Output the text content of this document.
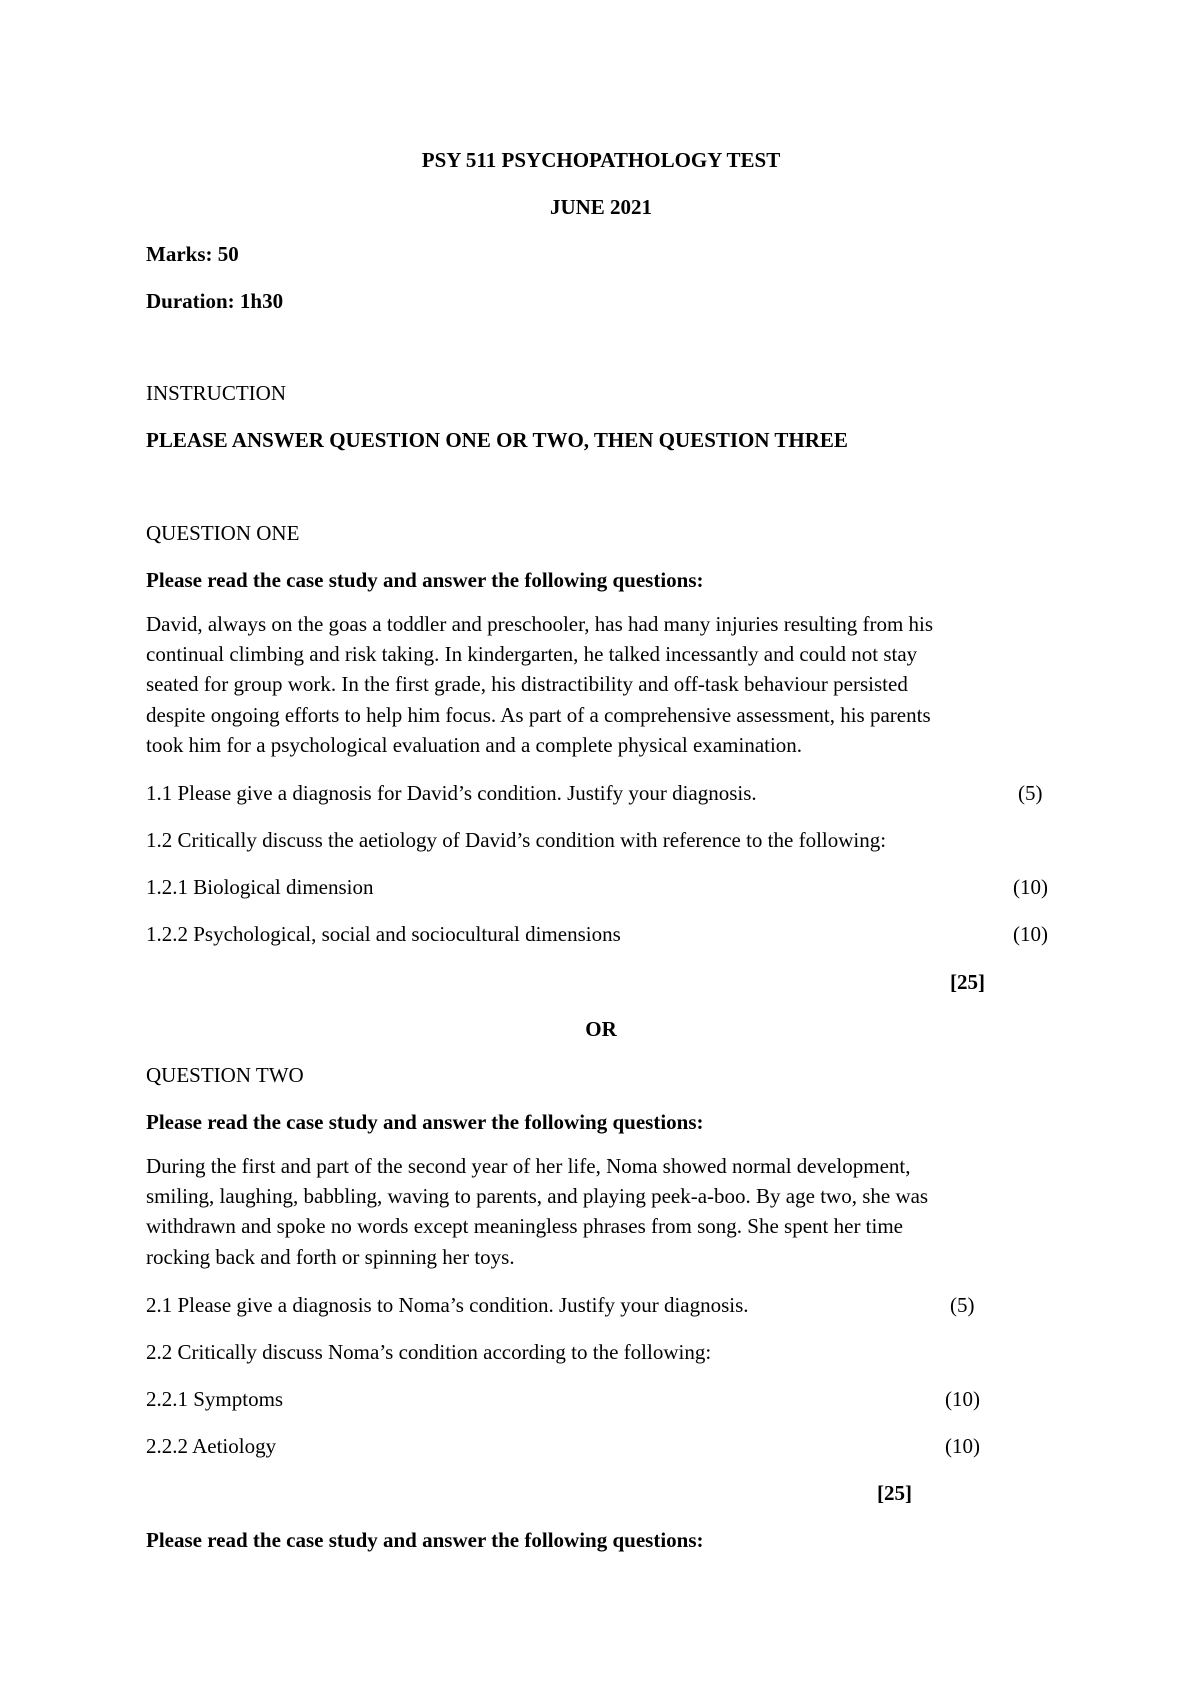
PSY 511 PSYCHOPATHOLOGY TEST
JUNE 2021
Marks: 50
Duration: 1h30
INSTRUCTION
PLEASE ANSWER QUESTION ONE OR TWO, THEN QUESTION THREE
QUESTION ONE
Please read the case study and answer the following questions:
David, always on the goas a toddler and preschooler, has had many injuries resulting from his
continual climbing and risk taking. In kindergarten, he talked incessantly and could not stay
seated for group work. In the first grade, his distractibility and off-task behaviour persisted
despite ongoing efforts to help him focus. As part of a comprehensive assessment, his parents
took him for a psychological evaluation and a complete physical examination.
1.1 Please give a diagnosis for David’s condition. Justify your diagnosis.	(5)
1.2 Critically discuss the aetiology of David’s condition with reference to the following:
1.2.1 Biological dimension	(10)
1.2.2 Psychological, social and sociocultural dimensions	(10)
[25]
OR
QUESTION TWO
Please read the case study and answer the following questions:
During the first and part of the second year of her life, Noma showed normal development,
smiling, laughing, babbling, waving to parents, and playing peek-a-boo. By age two, she was
withdrawn and spoke no words except meaningless phrases from song. She spent her time
rocking back and forth or spinning her toys.
2.1 Please give a diagnosis to Noma’s condition. Justify your diagnosis.	(5)
2.2 Critically discuss Noma’s condition according to the following:
2.2.1 Symptoms	(10)
2.2.2 Aetiology	(10)
[25]
Please read the case study and answer the following questions:
